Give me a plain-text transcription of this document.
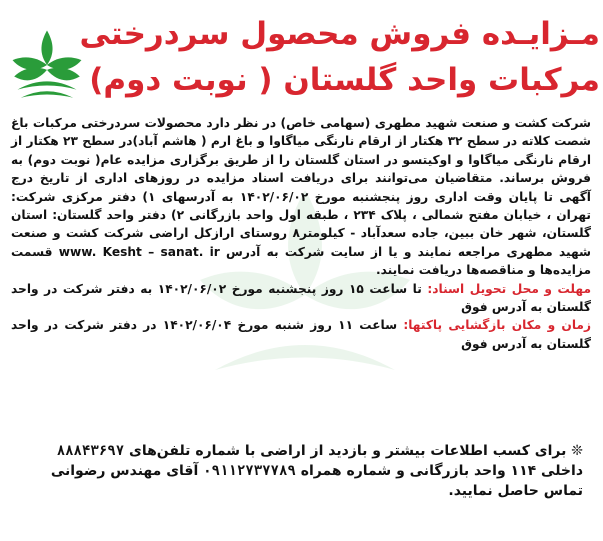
مـزایـده فروش محصول سردرختی
مرکبات واحد گلستان ( نوبت دوم)

شرکت کشت و صنعت شهید مطهری (سهامی خاص) در نظر دارد محصولات سردرختی مرکبات باغ شصت کلاته در سطح ۳۲ هکتار از ارقام نارنگی میاگاوا و باغ ارم ( هاشم آباد)در سطح ۲۳ هکتار از ارقام نارنگی میاگاوا و اوکیتسو در استان گلستان را از طریق برگزاری مزایده عام( نوبت دوم) به فروش برساند. متقاضیان می‌توانند برای دریافت اسناد مزایده در روزهای اداری از تاریخ درج آگهی تا پایان وقت اداری روز پنجشنبه مورخ ۱۴۰۲/۰۶/۰۲ به آدرسهای ۱) دفتر مرکزی شرکت: تهران ، خیابان مفتح شمالی ، پلاک ۲۳۴ ، طبقه اول واحد بازرگانی ۲) دفتر واحد گلستان: استان گلستان، شهر خان ببین، جاده سعدآباد - کیلومتر۸ روستای ارازکل اراضی شرکت کشت و صنعت شهید مطهری مراجعه نمایند و یا از سایت شرکت به آدرس www. Kesht – sanat. ir قسمت مزایده‌ها و مناقصه‌ها دریافت نمایند.

مهلت و محل تحویل اسناد: تا ساعت ۱۵ روز پنجشنبه مورخ ۱۴۰۲/۰۶/۰۲ به دفتر شرکت در واحد گلستان به آدرس فوق

زمان و مکان بازگشایی پاکتها: ساعت ۱۱ روز شنبه مورخ ۱۴۰۲/۰۶/۰۴ در دفتر شرکت در واحد گلستان به آدرس فوق

❊ برای کسب اطلاعات بیشتر و بازدید از اراضی با شماره تلفن‌های ۸۸۸۴۳۶۹۷ داخلی ۱۱۴ واحد بازرگانی و شماره همراه ۰۹۱۱۲۷۳۷۷۸۹ آقای مهندس رضوانی تماس حاصل نمایید.
